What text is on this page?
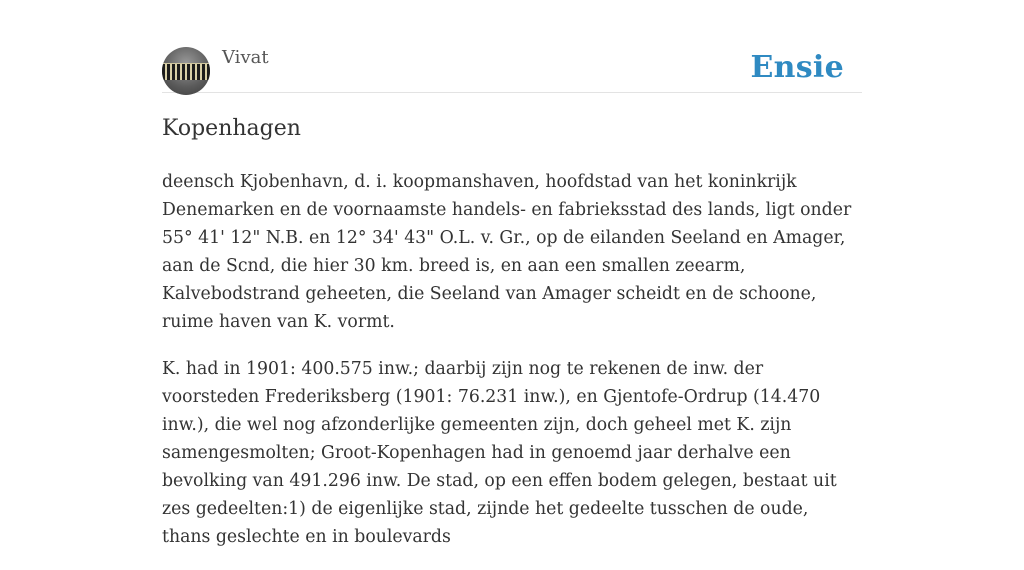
Vivat	Ensie
Kopenhagen

deensch Kjobenhavn, d. i. koopmanshaven, hoofdstad van het koninkrijk Denemarken en de voornaamste handels- en fabrieksstad des lands, ligt onder 55° 41' 12" N.B. en 12° 34' 43" O.L. v. Gr., op de eilanden Seeland en Amager, aan de Scnd, die hier 30 km. breed is, en aan een smallen zeearm, Kalvebodstrand geheeten, die Seeland van Amager scheidt en de schoone, ruime haven van K. vormt.

K. had in 1901: 400.575 inw.; daarbij zijn nog te rekenen de inw. der voorsteden Frederiksberg (1901: 76.231 inw.), en Gjentofe-Ordrup (14.470 inw.), die wel nog afzonderlijke gemeenten zijn, doch geheel met K. zijn samengesmolten; Groot-Kopenhagen had in genoemd jaar derhalve een bevolking van 491.296 inw. De stad, op een effen bodem gelegen, bestaat uit zes gedeelten:1) de eigenlijke stad, zijnde het gedeelte tusschen de oude, thans geslechte en in boulevards
